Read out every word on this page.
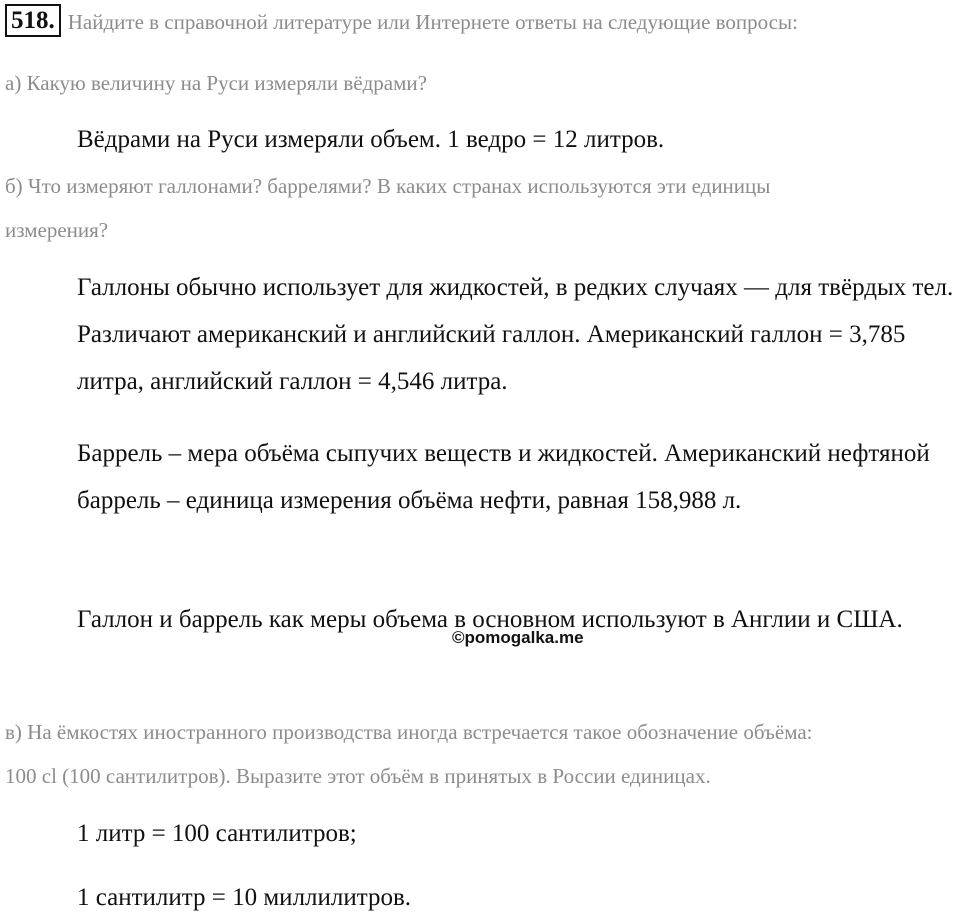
518. Найдите в справочной литературе или Интернете ответы на следующие вопросы:

а) Какую величину на Руси измеряли вёдрами?

Вёдрами на Руси измеряли объем. 1 ведро = 12 литров.

б) Что измеряют галлонами? баррелями? В каких странах используются эти единицы

измерения?

Галлоны обычно использует для жидкостей, в редких случаях — для твёрдых тел. Различают американский и английский галлон. Американский галлон = 3,785 литра, английский галлон = 4,546 литра.

Баррель – мера объёма сыпучих веществ и жидкостей. Американский нефтяной баррель – единица измерения объёма нефти, равная 158,988 л.

Галлон и баррель как меры объема в основном используют в Англии и США.

©pomogalka.me

в) На ёмкостях иностранного производства иногда встречается такое обозначение объёма:

100 cl (100 сантилитров). Выразите этот объём в принятых в России единицах.

1 литр = 100 сантилитров;

1 сантилитр = 10 миллилитров.
